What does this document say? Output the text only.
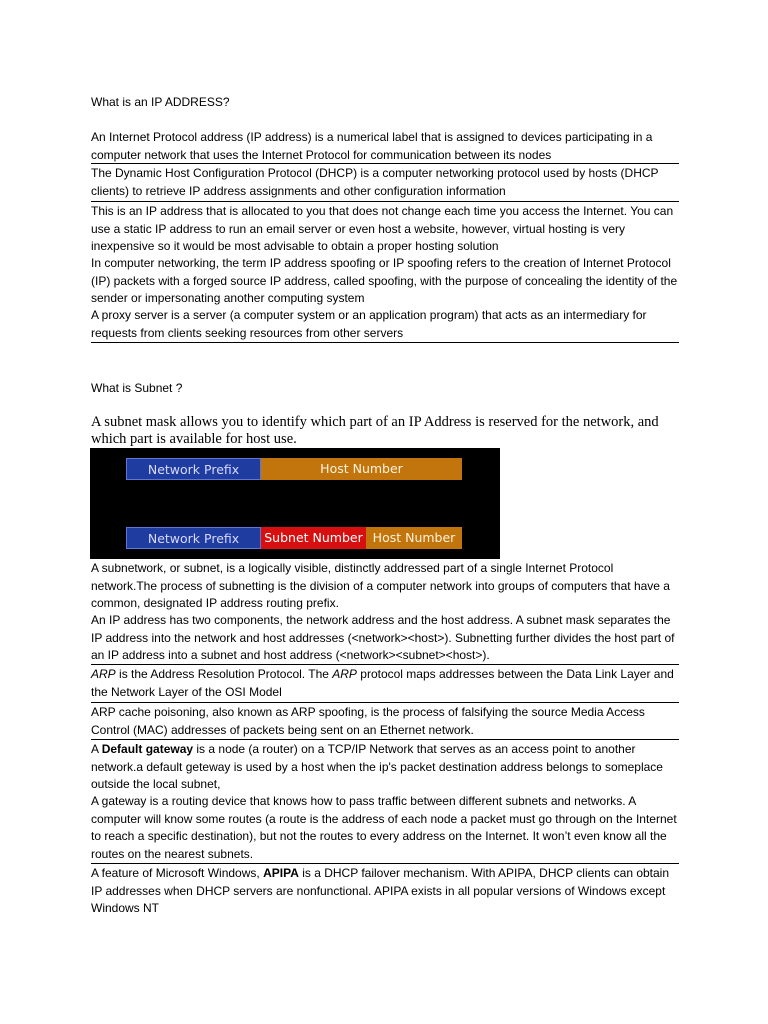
What is an IP ADDRESS?

An Internet Protocol address (IP address) is a numerical label that is assigned to devices participating in a computer network that uses the Internet Protocol for communication between its nodes

The Dynamic Host Configuration Protocol (DHCP) is a computer networking protocol used by hosts (DHCP clients) to retrieve IP address assignments and other configuration information

This is an IP address that is allocated to you that does not change each time you access the Internet. You can use a static IP address to run an email server or even host a website, however, virtual hosting is very inexpensive so it would be most advisable to obtain a proper hosting solution

In computer networking, the term IP address spoofing or IP spoofing refers to the creation of Internet Protocol (IP) packets with a forged source IP address, called spoofing, with the purpose of concealing the identity of the sender or impersonating another computing system

A proxy server is a server (a computer system or an application program) that acts as an intermediary for requests from clients seeking resources from other servers

What is Subnet ?
A subnet mask allows you to identify which part of an IP Address is reserved for the network, and which part is available for host use.
Network Prefix	Host Number
Network Prefix	Subnet Number Host Number

A subnetwork, or subnet, is a logically visible, distinctly addressed part of a single Internet Protocol network.The process of subnetting is the division of a computer network into groups of computers that have a common, designated IP address routing prefix.

An IP address has two components, the network address and the host address. A subnet mask separates the IP address into the network and host addresses (<network><host>). Subnetting further divides the host part of an IP address into a subnet and host address (<network><subnet><host>).

ARP is the Address Resolution Protocol. The ARP protocol maps addresses between the Data Link Layer and the Network Layer of the OSI Model

ARP cache poisoning, also known as ARP spoofing, is the process of falsifying the source Media Access Control (MAC) addresses of packets being sent on an Ethernet network.

A Default gateway is a node (a router) on a TCP/IP Network that serves as an access point to another network.a default geteway is used by a host when the ip's packet destination address belongs to someplace outside the local subnet,

A gateway is a routing device that knows how to pass traffic between different subnets and networks. A computer will know some routes (a route is the address of each node a packet must go through on the Internet to reach a specific destination), but not the routes to every address on the Internet. It won’t even know all the routes on the nearest subnets.

A feature of Microsoft Windows, APIPA is a DHCP failover mechanism. With APIPA, DHCP clients can obtain IP addresses when DHCP servers are nonfunctional. APIPA exists in all popular versions of Windows except Windows NT
